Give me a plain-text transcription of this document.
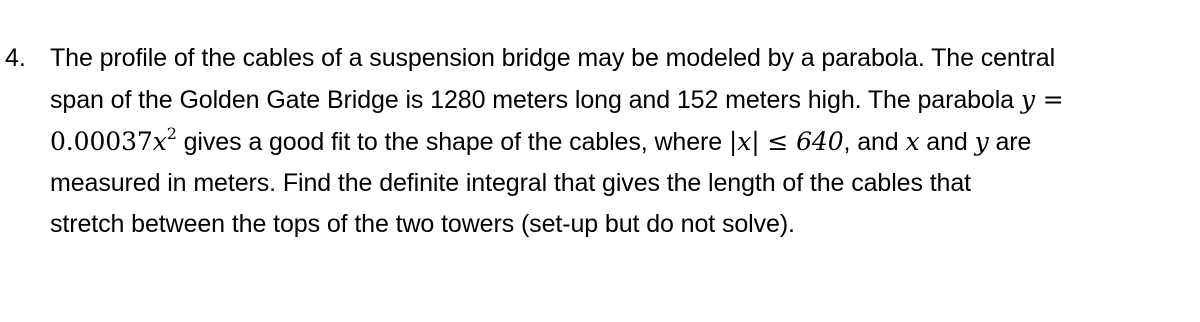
4. The profile of the cables of a suspension bridge may be modeled by a parabola. The central
span of the Golden Gate Bridge is 1280 meters long and 152 meters high. The parabola y =
$0.00037x^2$ gives a good fit to the shape of the cables, where |x| ≤ 640, and x and y are
measured in meters. Find the definite integral that gives the length of the cables that
stretch between the tops of the two towers (set-up but do not solve).
